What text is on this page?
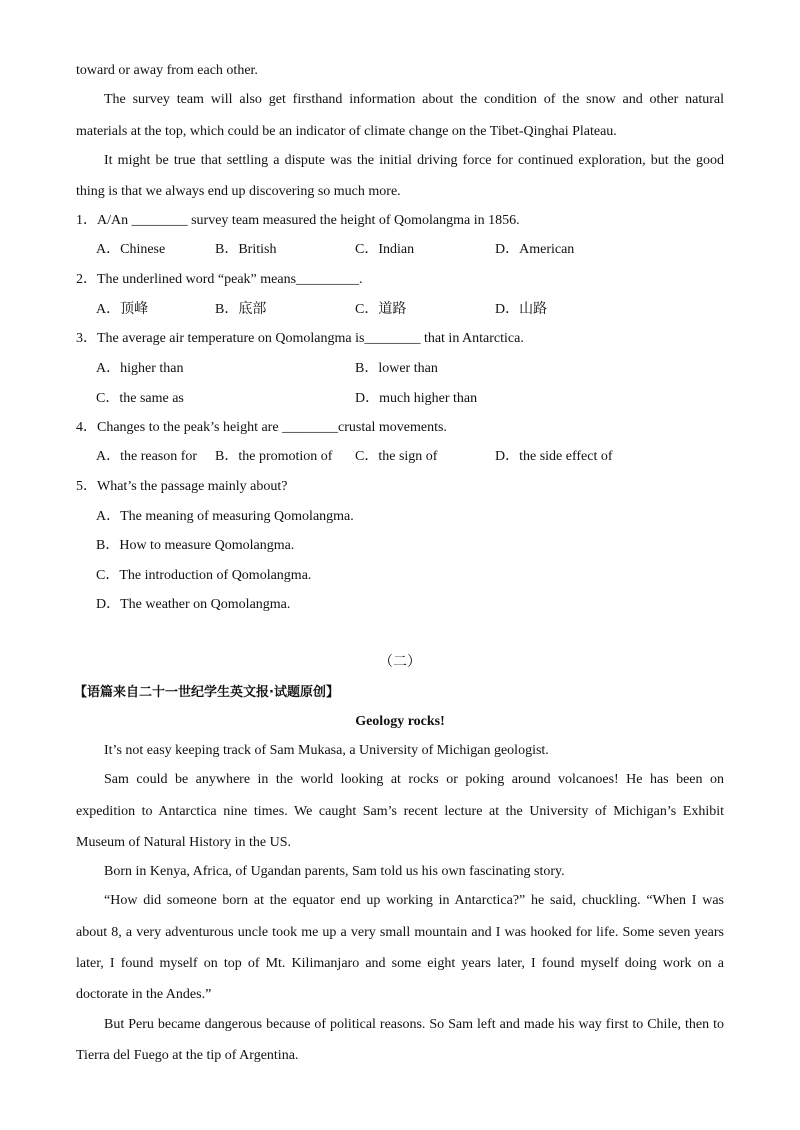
toward or away from each other.
The survey team will also get firsthand information about the condition of the snow and other natural
materials at the top, which could be an indicator of climate change on the Tibet-Qinghai Plateau.
It might be true that settling a dispute was the initial driving force for continued exploration, but the good
thing is that we always end up discovering so much more.
1．A/An ________ survey team measured the height of Qomolangma in 1856.
A．Chinese	B．British	C．Indian	D．American
2．The underlined word “peak” means_________.
A．顶峰	B．底部	C．道路	D．山路
3．The average air temperature on Qomolangma is________ that in Antarctica.
A．higher than	B．lower than
C．the same as	D．much higher than
4．Changes to the peak’s height are ________crustal movements.
A．the reason for B．the promotion of C．the sign of	D．the side effect of
5．What’s the passage mainly about?
A．The meaning of measuring Qomolangma.
B．How to measure Qomolangma.
C．The introduction of Qomolangma.
D．The weather on Qomolangma.
（二）
【语篇来自二十一世纪学生英文报·试题原创】
Geology rocks!
It’s not easy keeping track of Sam Mukasa, a University of Michigan geologist.
Sam could be anywhere in the world looking at rocks or poking around volcanoes! He has been on
expedition to Antarctica nine times. We caught Sam’s recent lecture at the University of Michigan’s Exhibit
Museum of Natural History in the US.
Born in Kenya, Africa, of Ugandan parents, Sam told us his own fascinating story.
“How did someone born at the equator end up working in Antarctica?” he said, chuckling. “When I was
about 8, a very adventurous uncle took me up a very small mountain and I was hooked for life. Some seven years
later, I found myself on top of Mt. Kilimanjaro and some eight years later, I found myself doing work on a
doctorate in the Andes.”
But Peru became dangerous because of political reasons. So Sam left and made his way first to Chile, then to
Tierra del Fuego at the tip of Argentina.
